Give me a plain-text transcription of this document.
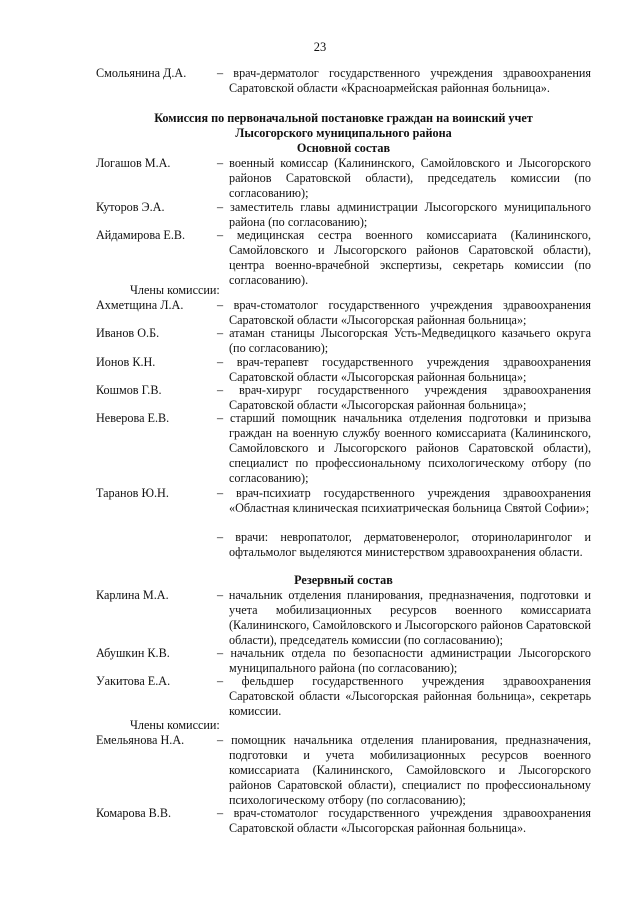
23
Смольянина Д.А.	– врач-дерматолог государственного учреждения здравоохранения Саратовской области «Красноармейская районная больница».
Комиссия по первоначальной постановке граждан на воинский учет
Лысогорского муниципального района
Основной состав
Логашов М.А.	– военный комиссар (Калининского, Самойловского и Лысогорского районов Саратовской области), председатель комиссии (по согласованию);
Куторов Э.А.	– заместитель главы администрации Лысогорского муниципального района (по согласованию);
Айдамирова Е.В.	– медицинская сестра военного комиссариата (Калининского, Самойловского и Лысогорского районов Саратовской области), центра военно-врачебной экспертизы, секретарь комиссии (по согласованию).
Члены комиссии:
Ахметщина Л.А.	– врач-стоматолог государственного учреждения здравоохранения Саратовской области «Лысогорская районная больница»;
Иванов О.Б.	– атаман станицы Лысогорская Усть-Медведицкого казачьего округа (по согласованию);
Ионов К.Н.	– врач-терапевт государственного учреждения здравоохранения Саратовской области «Лысогорская районная больница»;
Кошмов Г.В.	– врач-хирург государственного учреждения здравоохранения Саратовской области «Лысогорская районная больница»;
Неверова Е.В.	– старший помощник начальника отделения подготовки и призыва граждан на военную службу военного комиссариата (Калининского, Самойловского и Лысогорского районов Саратовской области), специалист по профессиональному психологическому отбору (по согласованию);
Таранов Ю.Н.	– врач-психиатр государственного учреждения здравоохранения «Областная клиническая психиатрическая больница Святой Софии»;
– врачи: невропатолог, дерматовенеролог, оториноларинголог и офтальмолог выделяются министерством здравоохранения области.
Резервный состав
Карлина М.А.	– начальник отделения планирования, предназначения, подготовки и учета мобилизационных ресурсов военного комиссариата (Калининского, Самойловского и Лысогорского районов Саратовской области), председатель комиссии (по согласованию);
Абушкин К.В.	– начальник отдела по безопасности администрации Лысогорского муниципального района (по согласованию);
Уакитова Е.А.	– фельдшер государственного учреждения здравоохранения Саратовской области «Лысогорская районная больница», секретарь комиссии.
Члены комиссии:
Емельянова Н.А.	– помощник начальника отделения планирования, предназначения, подготовки и учета мобилизационных ресурсов военного комиссариата (Калининского, Самойловского и Лысогорского районов Саратовской области), специалист по профессиональному психологическому отбору (по согласованию);
Комарова В.В.	– врач-стоматолог государственного учреждения здравоохранения Саратовской области «Лысогорская районная больница».
